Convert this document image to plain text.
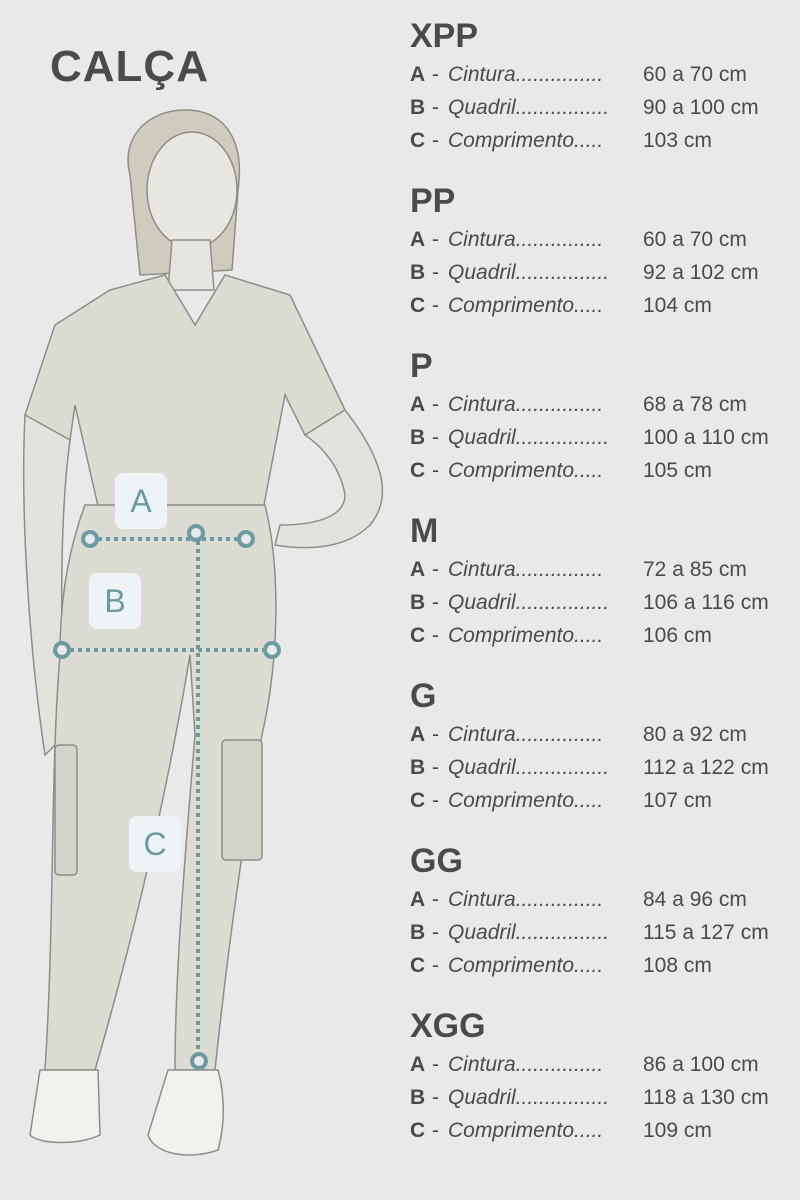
CALÇA
A
B
C
XPP
A - Cintura...............	60 a 70 cm
B - Quadril................	90 a 100 cm
C - Comprimento.....	103 cm
PP
A - Cintura...............	60 a 70 cm
B - Quadril................	92 a 102 cm
C - Comprimento.....	104 cm
P
A - Cintura...............	68 a 78 cm
B - Quadril................	100 a 110 cm
C - Comprimento.....	105 cm
M
A - Cintura...............	72 a 85 cm
B - Quadril................	106 a 116 cm
C - Comprimento.....	106 cm
G
A - Cintura...............	80 a 92 cm
B - Quadril................	112 a 122 cm
C - Comprimento.....	107 cm
GG
A - Cintura...............	84 a 96 cm
B - Quadril................	115 a 127 cm
C - Comprimento.....	108 cm
XGG
A - Cintura...............	86 a 100 cm
B - Quadril................	118 a 130 cm
C - Comprimento.....	109 cm
